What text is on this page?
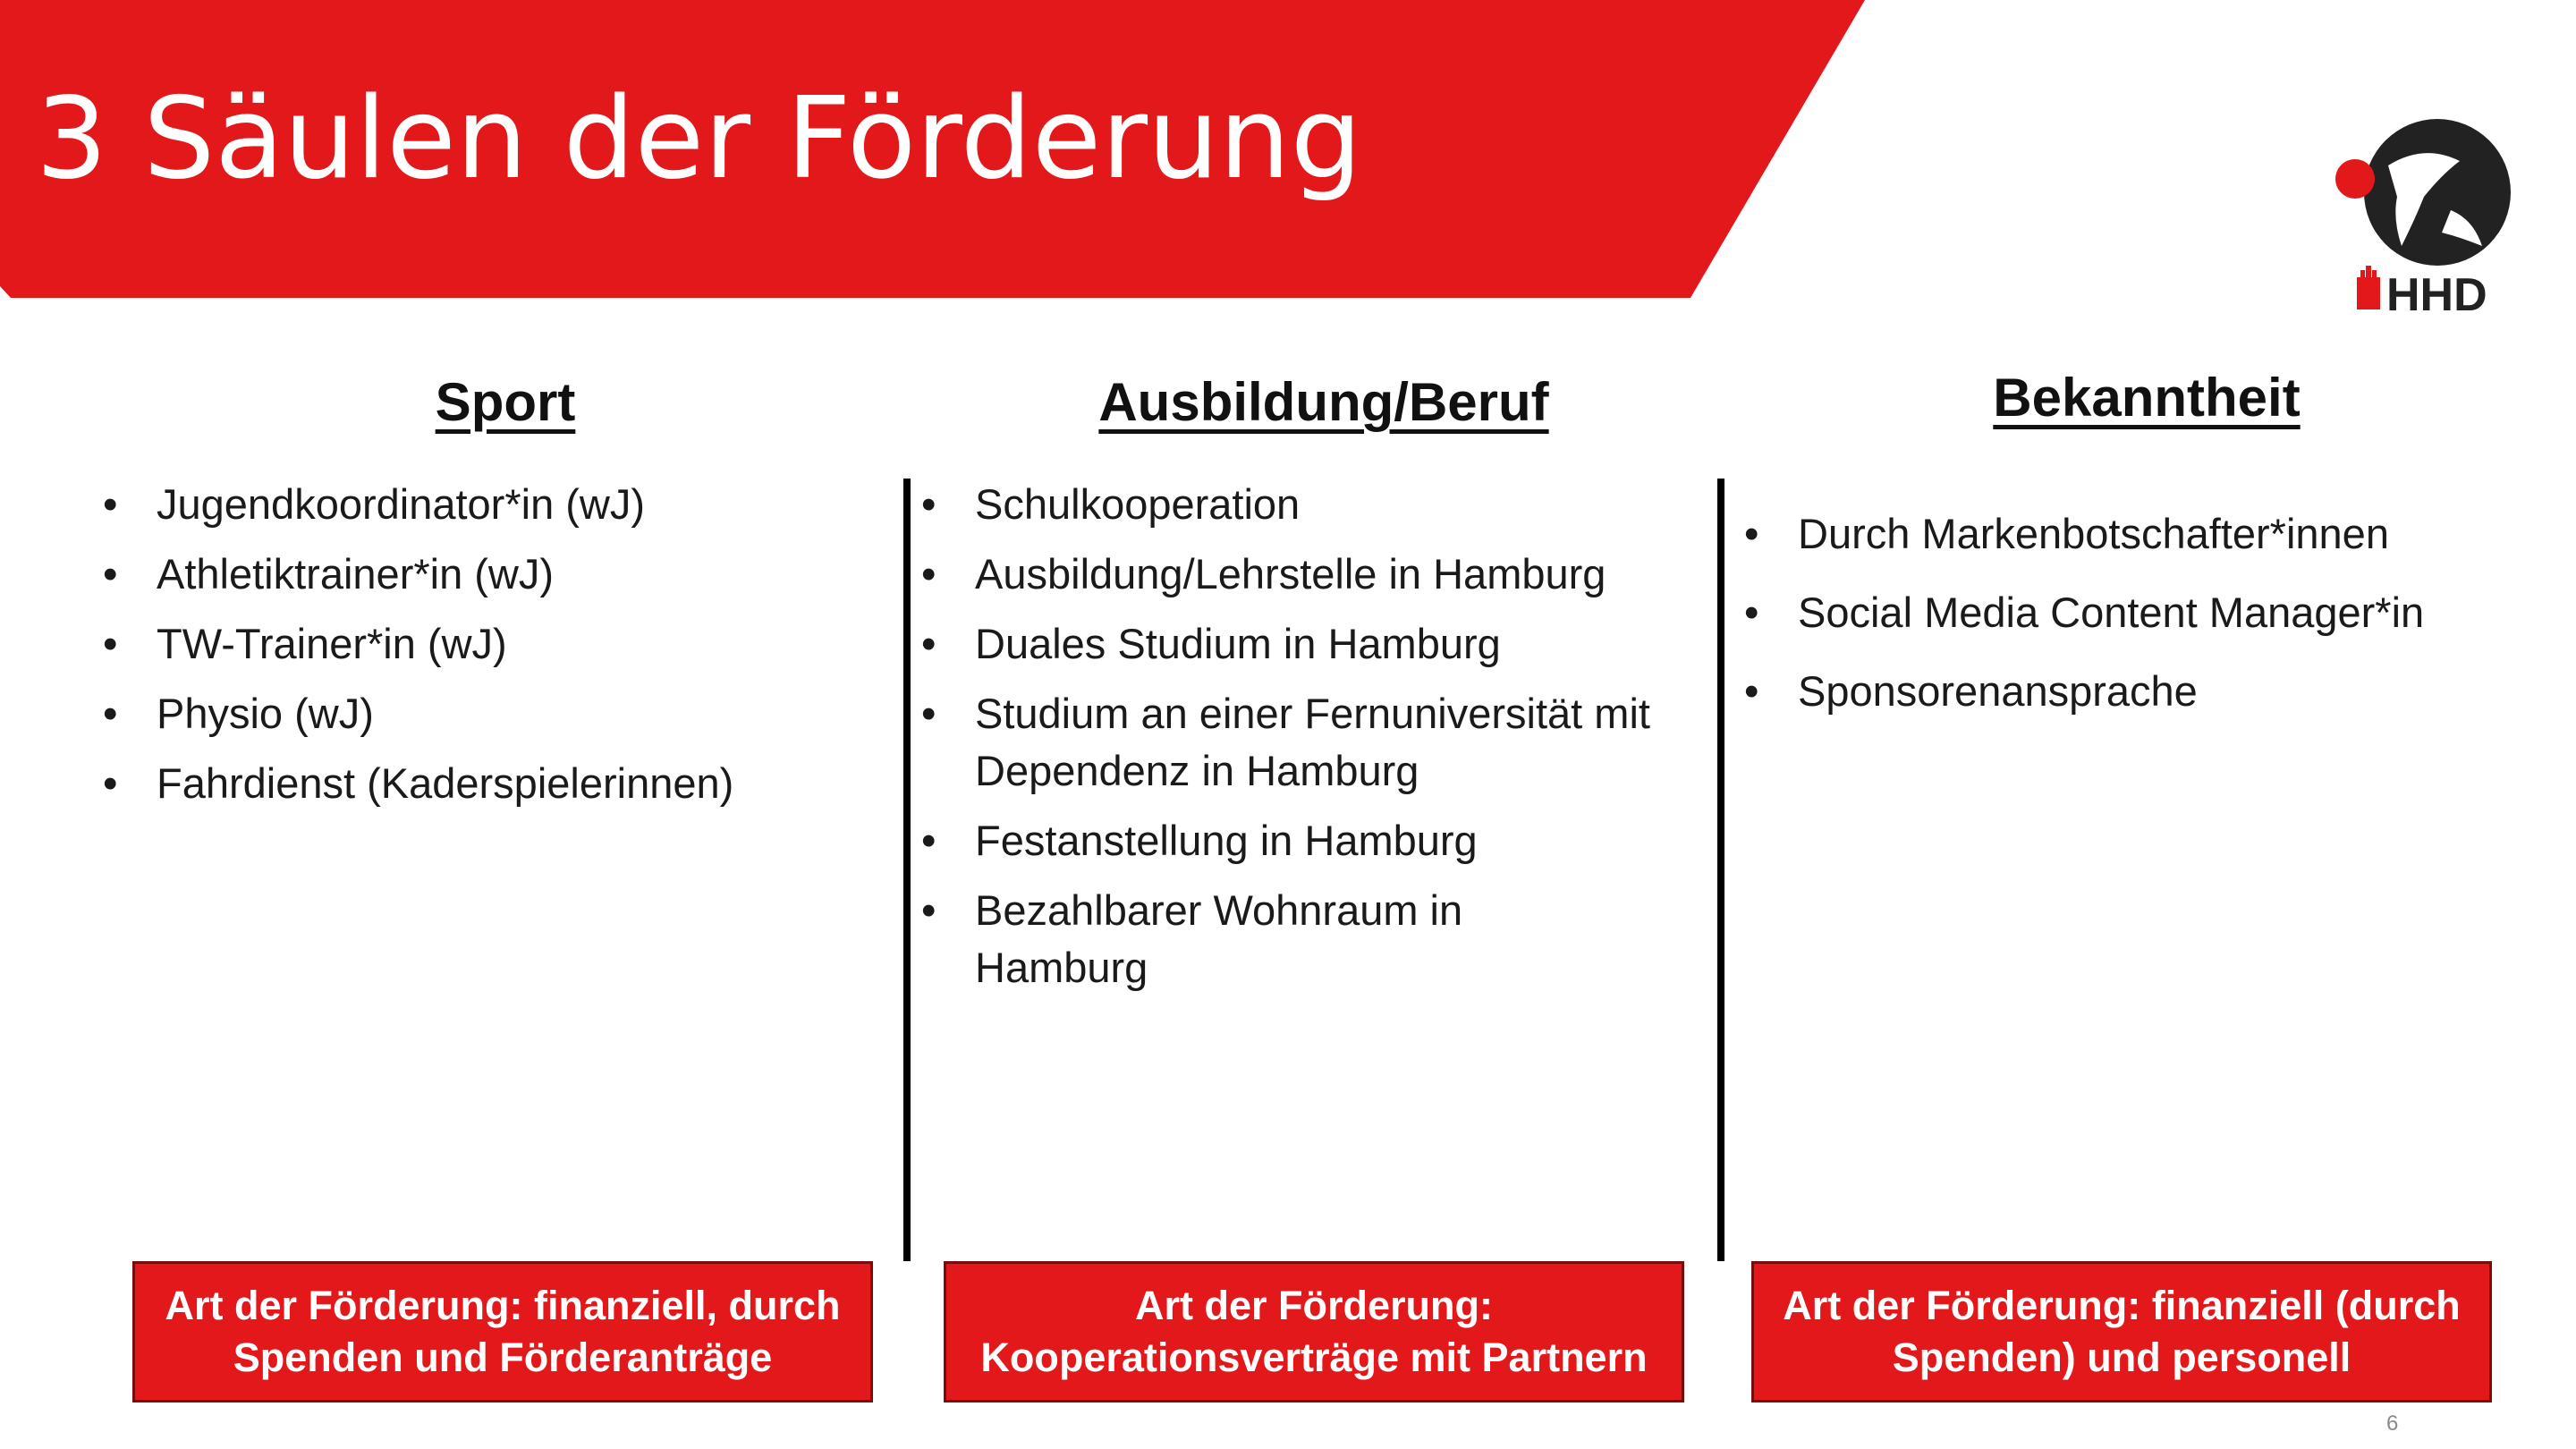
3 Säulen der Förderung
HHD
Sport
• Jugendkoordinator*in (wJ)
• Athletiktrainer*in (wJ)
• TW-Trainer*in (wJ)
• Physio (wJ)
• Fahrdienst (Kaderspielerinnen)
Ausbildung/Beruf
• Schulkooperation
• Ausbildung/Lehrstelle in Hamburg
• Duales Studium in Hamburg
• Studium an einer Fernuniversität mit Dependenz in Hamburg
• Festanstellung in Hamburg
• Bezahlbarer Wohnraum in Hamburg
Bekanntheit
• Durch Markenbotschafter*innen
• Social Media Content Manager*in
• Sponsorenansprache
Art der Förderung: finanziell, durch Spenden und Förderanträge
Art der Förderung: Kooperationsverträge mit Partnern
Art der Förderung: finanziell (durch Spenden) und personell
6
